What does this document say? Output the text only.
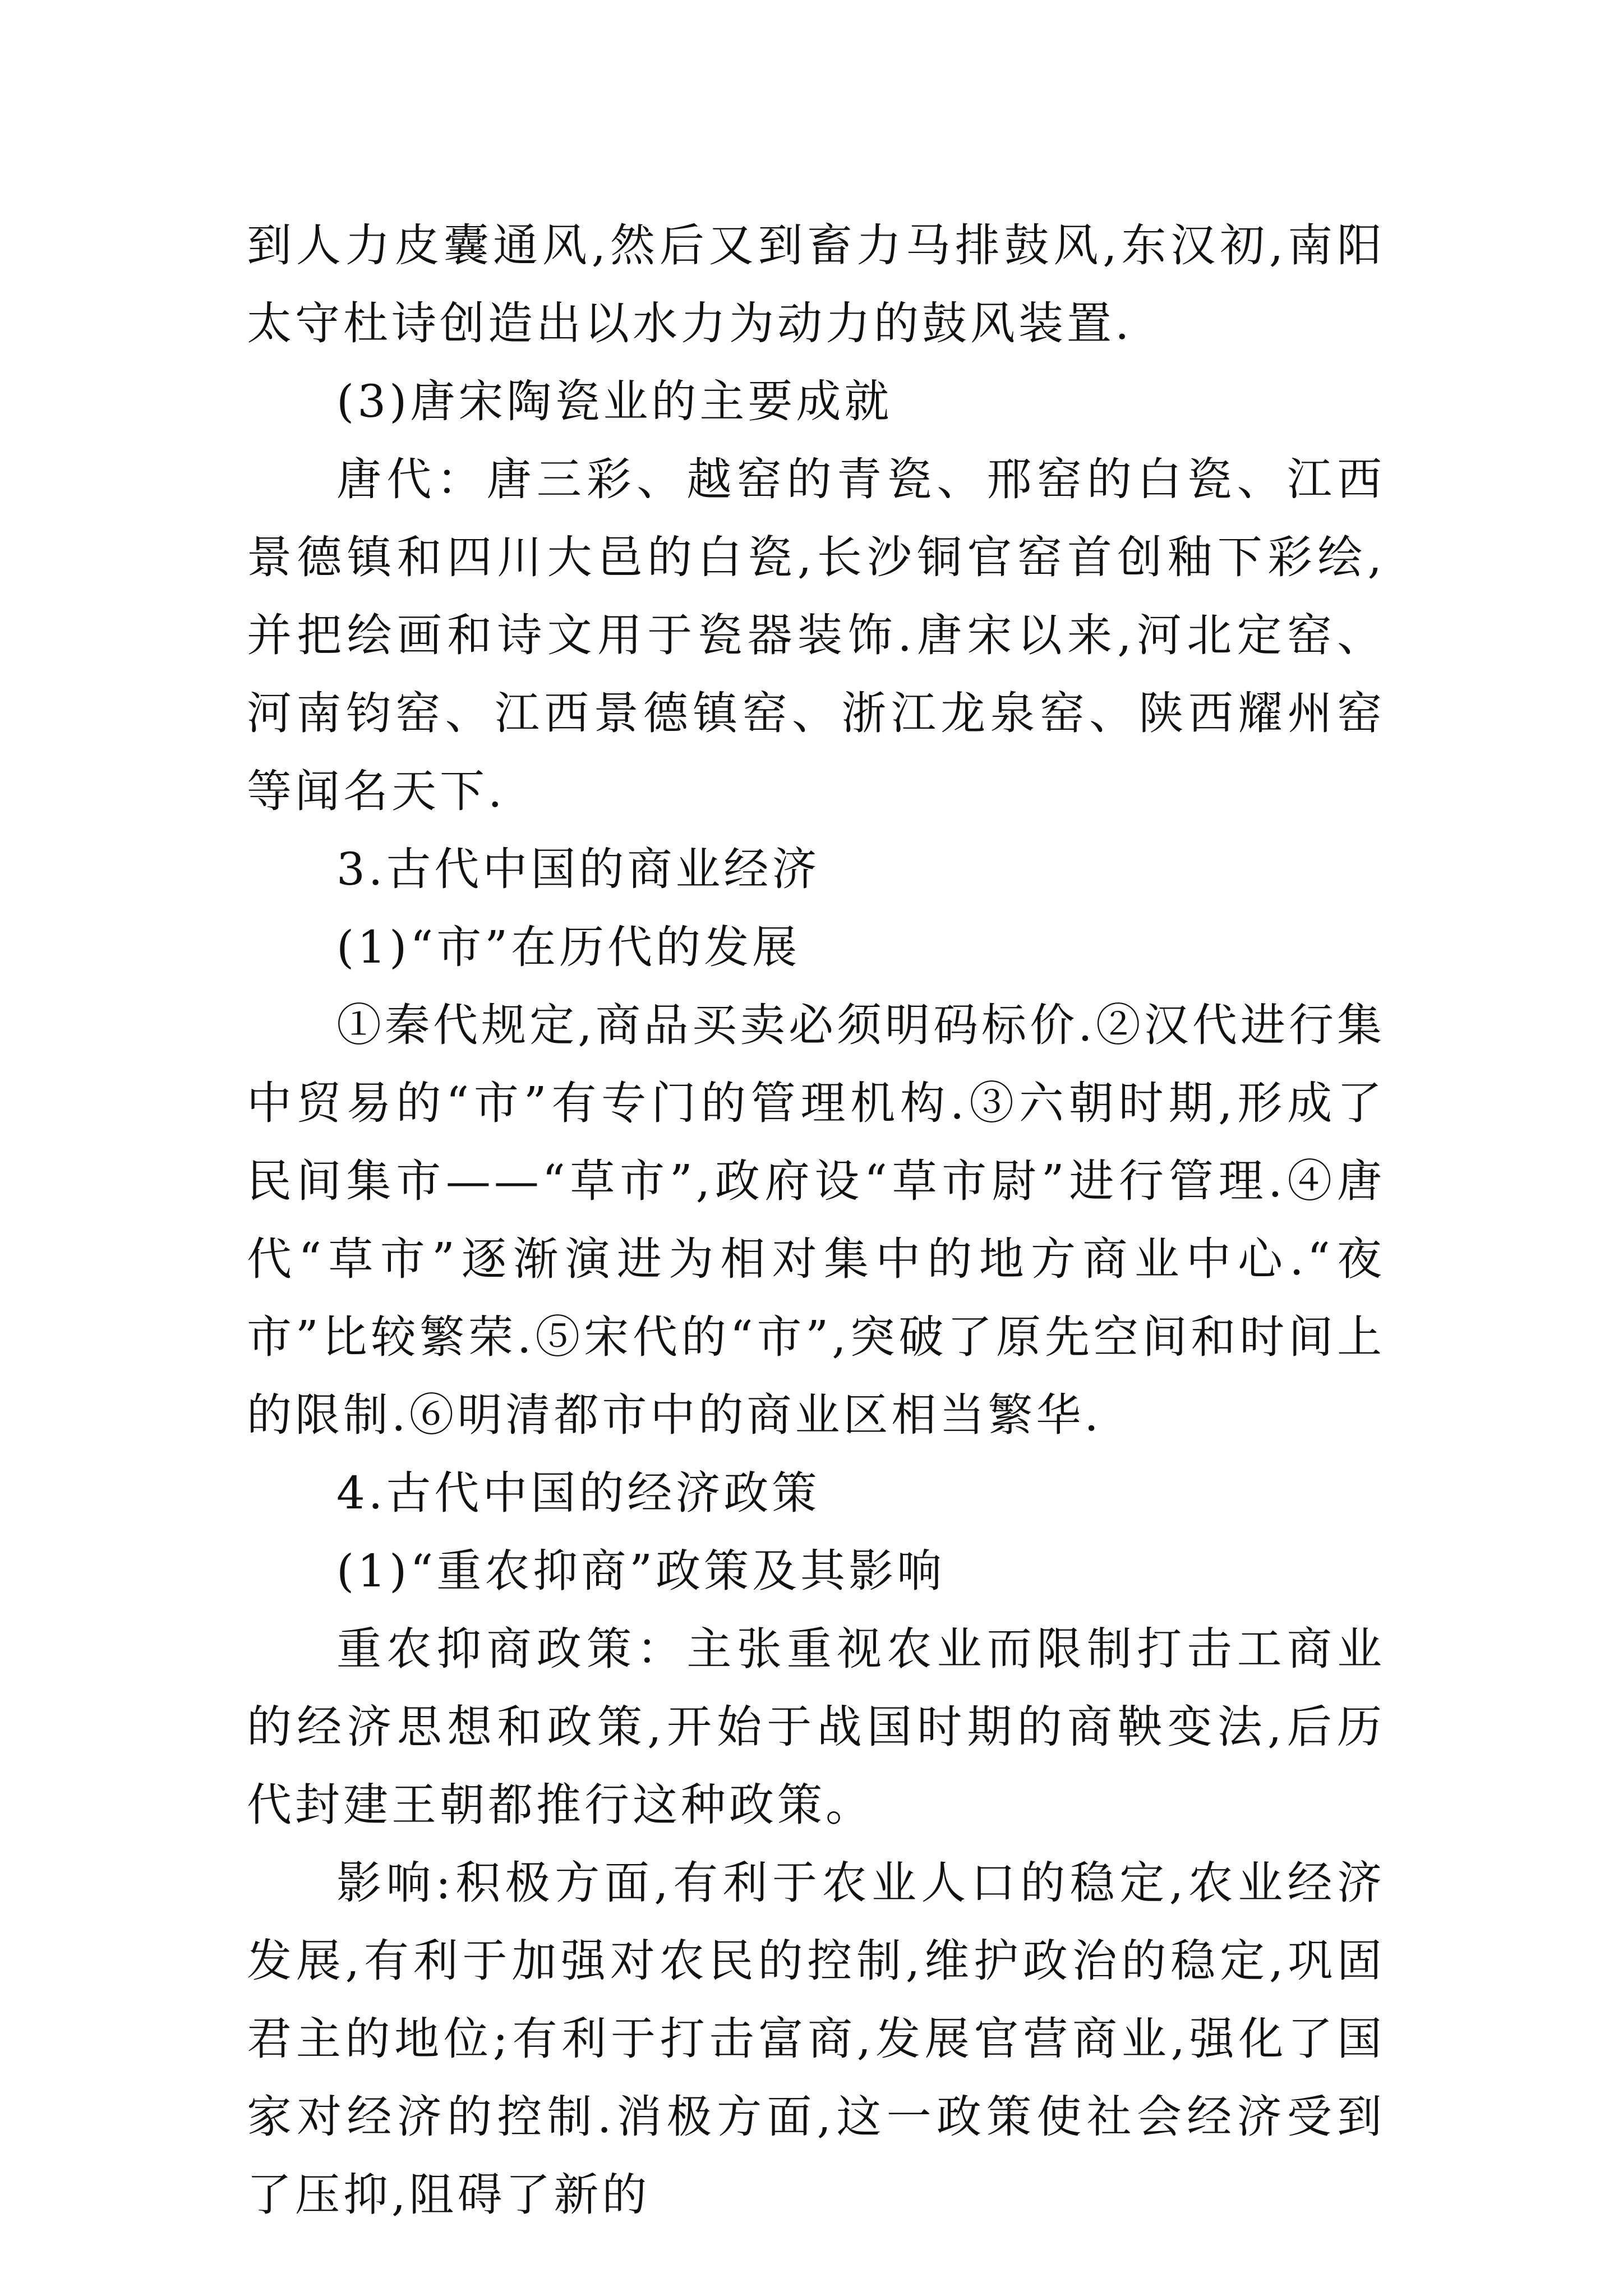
到人力皮囊通风,然后又到畜力马排鼓风,东汉初,南阳太守杜诗创造出以水力为动力的鼓风装置.

(3)唐宋陶瓷业的主要成就

唐代：唐三彩、越窑的青瓷、邢窑的白瓷、江西景德镇和四川大邑的白瓷,长沙铜官窑首创釉下彩绘,并把绘画和诗文用于瓷器装饰.唐宋以来,河北定窑、河南钧窑、江西景德镇窑、浙江龙泉窑、陕西耀州窑等闻名天下.

3.古代中国的商业经济

(1)“市”在历代的发展

①秦代规定,商品买卖必须明码标价.②汉代进行集中贸易的“市”有专门的管理机构.③六朝时期,形成了民间集市——“草市”,政府设“草市尉”进行管理.④唐代“草市”逐渐演进为相对集中的地方商业中心.“夜市”比较繁荣.⑤宋代的“市”,突破了原先空间和时间上的限制.⑥明清都市中的商业区相当繁华.

4.古代中国的经济政策

(1)“重农抑商”政策及其影响

重农抑商政策：主张重视农业而限制打击工商业的经济思想和政策,开始于战国时期的商鞅变法,后历代封建王朝都推行这种政策。

影响:积极方面,有利于农业人口的稳定,农业经济发展,有利于加强对农民的控制,维护政治的稳定,巩固君主的地位;有利于打击富商,发展官营商业,强化了国家对经济的控制.消极方面,这一政策使社会经济受到了压抑,阻碍了新的
